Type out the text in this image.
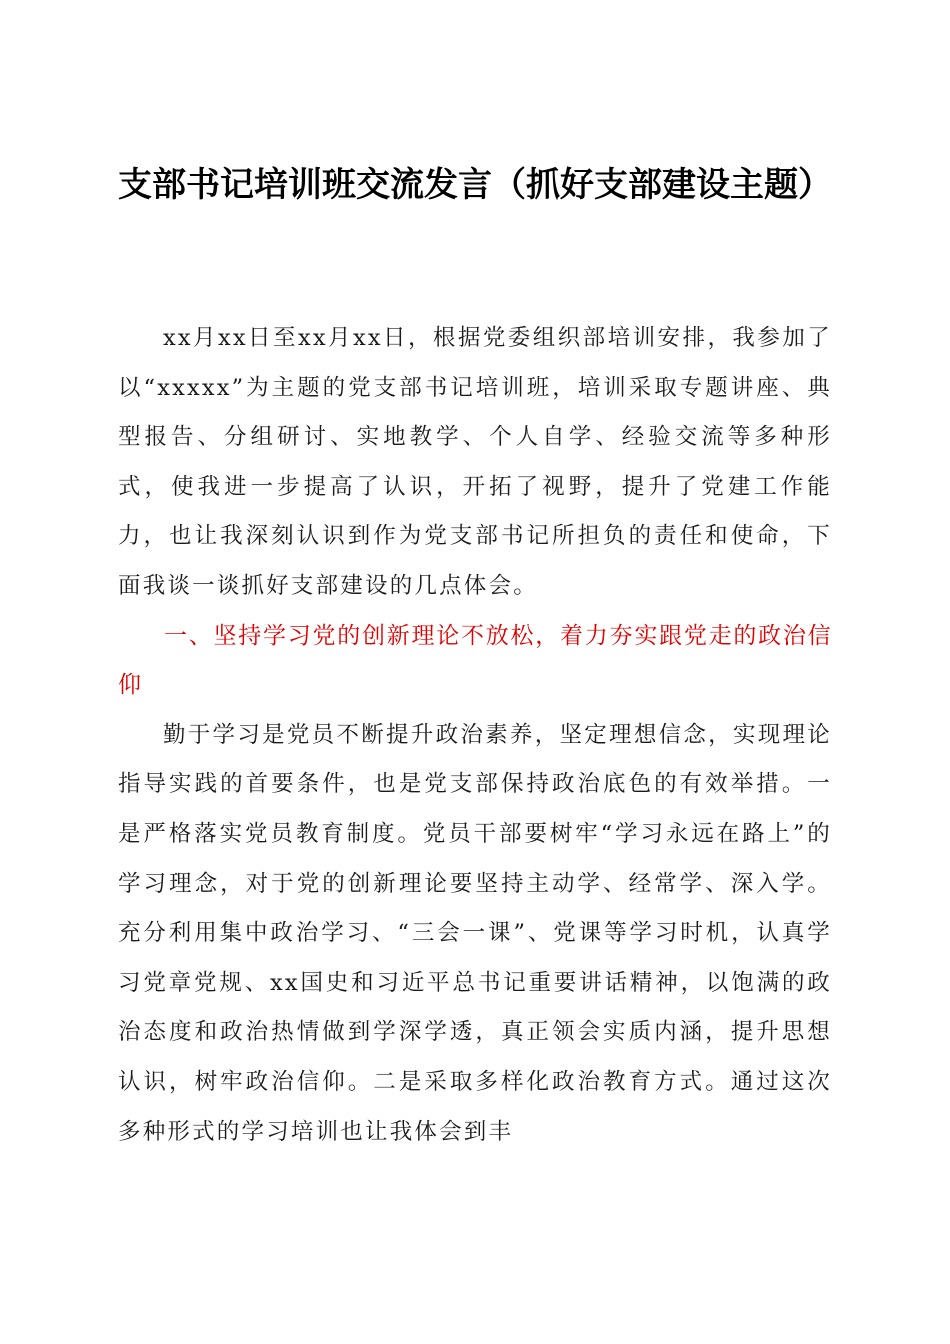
支部书记培训班交流发言（抓好支部建设主题）

xx月xx日至xx月xx日，根据党委组织部培训安排，我参加了以“xxxxx”为主题的党支部书记培训班，培训采取专题讲座、典型报告、分组研讨、实地教学、个人自学、经验交流等多种形式，使我进一步提高了认识，开拓了视野，提升了党建工作能力，也让我深刻认识到作为党支部书记所担负的责任和使命，下面我谈一谈抓好支部建设的几点体会。

一、坚持学习党的创新理论不放松，着力夯实跟党走的政治信仰

勤于学习是党员不断提升政治素养，坚定理想信念，实现理论指导实践的首要条件，也是党支部保持政治底色的有效举措。一是严格落实党员教育制度。党员干部要树牢“学习永远在路上”的学习理念，对于党的创新理论要坚持主动学、经常学、深入学。充分利用集中政治学习、“三会一课”、党课等学习时机，认真学习党章党规、xx国史和习近平总书记重要讲话精神，以饱满的政治态度和政治热情做到学深学透，真正领会实质内涵，提升思想认识，树牢政治信仰。二是采取多样化政治教育方式。通过这次多种形式的学习培训也让我体会到丰
